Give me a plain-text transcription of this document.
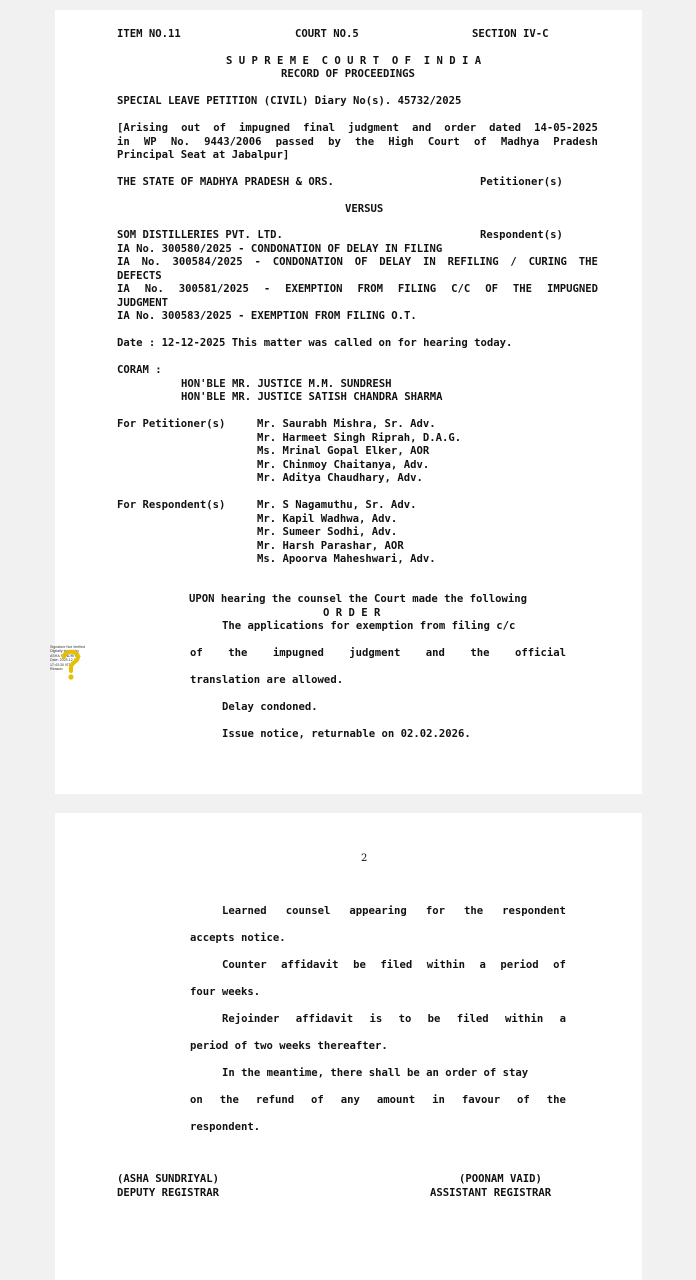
ITEM NO.11	COURT NO.5	SECTION IV-C
S U P R E M E  C O U R T  O F  I N D I A
RECORD OF PROCEEDINGS
SPECIAL LEAVE PETITION (CIVIL) Diary No(s). 45732/2025
[Arising out of impugned final judgment and order dated 14-05-2025
in WP No. 9443/2006 passed by the High Court of Madhya Pradesh
Principal Seat at Jabalpur]
THE STATE OF MADHYA PRADESH & ORS.	Petitioner(s)
VERSUS
SOM DISTILLERIES PVT. LTD.	Respondent(s)
IA No. 300580/2025 - CONDONATION OF DELAY IN FILING
IA No. 300584/2025 - CONDONATION OF DELAY IN REFILING / CURING THE
DEFECTS
IA No. 300581/2025 - EXEMPTION FROM FILING C/C OF THE IMPUGNED
JUDGMENT
IA No. 300583/2025 - EXEMPTION FROM FILING O.T.
Date : 12-12-2025 This matter was called on for hearing today.
CORAM :
HON'BLE MR. JUSTICE M.M. SUNDRESH
HON'BLE MR. JUSTICE SATISH CHANDRA SHARMA
For Petitioner(s)	Mr. Saurabh Mishra, Sr. Adv.
Mr. Harmeet Singh Riprah, D.A.G.
Ms. Mrinal Gopal Elker, AOR
Mr. Chinmoy Chaitanya, Adv.
Mr. Aditya Chaudhary, Adv.
For Respondent(s)	Mr. S Nagamuthu, Sr. Adv.
Mr. Kapil Wadhwa, Adv.
Mr. Sumeer Sodhi, Adv.
Mr. Harsh Parashar, AOR
Ms. Apoorva Maheshwari, Adv.
UPON hearing the counsel the Court made the following
O R D E R
The applications for exemption from filing c/c
of the impugned judgment and the official
translation are allowed.
Delay condoned.
Issue notice, returnable on 02.02.2026.
Signature Not Verified
Digitally signed by
ASHA SUNDRIYAL
Date: 2025.12.16
17:43:30 IST
Reason:
2
Learned counsel appearing for the respondent
accepts notice.
Counter affidavit be filed within a period of
four weeks.
Rejoinder affidavit is to be filed within a
period of two weeks thereafter.
In the meantime, there shall be an order of stay
on the refund of any amount in favour of the
respondent.
(ASHA SUNDRIYAL)
DEPUTY REGISTRAR
(POONAM VAID)
ASSISTANT REGISTRAR
